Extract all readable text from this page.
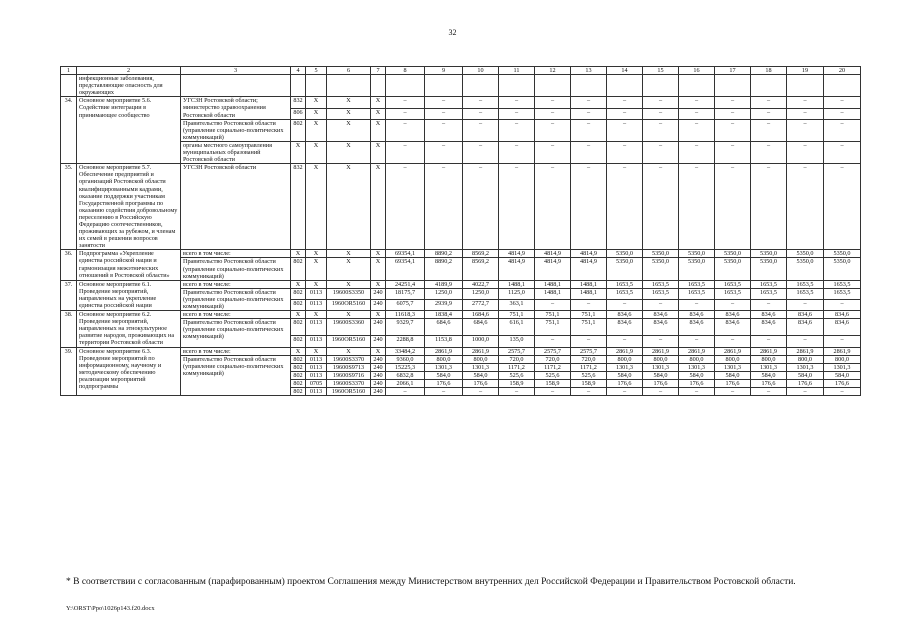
32
1	2	3	4	5	6	7	8	9	10	11	12	13	14	15	16	17	18	19	20
	инфекционные заболевания, представляющие опасность для окружающих																		
34.	Основное мероприятие 5.6. Содействие интеграции в принимающее сообщество	УГСЗН Ростовской области; министерство здравоохранения Ростовской области	832	Х	Х	Х	–	–	–	–	–	–	–	–	–	–	–	–	–
			806	Х	Х	Х	–	–	–	–	–	–	–	–	–	–	–	–	–
		Правительство Ростовской области (управление социально-политических коммуникаций)	802	Х	Х	Х	–	–	–	–	–	–	–	–	–	–	–	–	–
		органы местного самоуправления муниципальных образований Ростовской области	Х	Х	Х	Х	–	–	–	–	–	–	–	–	–	–	–	–	–
35.	Основное мероприятие 5.7. Обеспечение предприятий и организаций Ростовской области квалифицированными кадрами, оказание поддержки участникам Государственной программы по оказанию содействия добровольному переселению в Российскую Федерацию соотечественников, проживающих за рубежом, и членам их семей в решении вопросов занятости	УГСЗН Ростовской области	832	Х	Х	Х	–	–	–	–	–	–	–	–	–	–	–	–	–
36.	Подпрограмма «Укрепление единства российской нации и гармонизация межэтнических отношений в Ростовской области»	всего в том числе:	Х	Х	Х	Х	69354,1	8890,2	8569,2	4814,9	4814,9	4814,9	5350,0	5350,0	5350,0	5350,0	5350,0	5350,0	5350,0
		Правительство Ростовской области (управление социально-политических коммуникаций)	802	Х	Х	Х	69354,1	8890,2	8569,2	4814,9	4814,9	4814,9	5350,0	5350,0	5350,0	5350,0	5350,0	5350,0	5350,0
37.	Основное мероприятие 6.1. Проведение мероприятий, направленных на укрепление единства российской нации	всего в том числе:	Х	Х	Х	Х	24251,4	4189,9	4022,7	1488,1	1488,1	1488,1	1653,5	1653,5	1653,5	1653,5	1653,5	1653,5	1653,5
		Правительство Ростовской области (управление социально-политических коммуникаций)	802	0113	19600S3350	240	18175,7	1250,0	1250,0	1125,0	1488,1	1488,1	1653,5	1653,5	1653,5	1653,5	1653,5	1653,5	1653,5
			802	0113	1960OR5160	240	6075,7	2939,9	2772,7	363,1	–	–	–	–	–	–	–	–	–
38.	Основное мероприятие 6.2. Проведение мероприятий, направленных на этнокультурное развитие народов, проживающих на территории Ростовской области	всего в том числе:	Х	Х	Х	Х	11618,3	1838,4	1684,6	751,1	751,1	751,1	834,6	834,6	834,6	834,6	834,6	834,6	834,6
		Правительство Ростовской области (управление социально-политических коммуникаций)	802	0113	19600S3360	240	9329,7	684,6	684,6	616,1	751,1	751,1	834,6	834,6	834,6	834,6	834,6	834,6	834,6
			802	0113	1960OR5160	240	2288,8	1153,8	1000,0	135,0	–	–	–	–	–	–	–	–	–
39.	Основное мероприятие 6.3. Проведение мероприятий по информационному, научному и методическому обеспечению реализации мероприятий подпрограммы	всего в том числе:	Х	Х	Х	Х	33484,2	2861,9	2861,9	2575,7	2575,7	2575,7	2861,9	2861,9	2861,9	2861,9	2861,9	2861,9	2861,9
		Правительство Ростовской области (управление социально-политических коммуникаций)	802	0113	19600S3370	240	9360,0	800,0	800,0	720,0	720,0	720,0	800,0	800,0	800,0	800,0	800,0	800,0	800,0
			802	0113	19600S9713	240	15225,3	1301,3	1301,3	1171,2	1171,2	1171,2	1301,3	1301,3	1301,3	1301,3	1301,3	1301,3	1301,3
			802	0113	19600S9716	240	6832,8	584,0	584,0	525,6	525,6	525,6	584,0	584,0	584,0	584,0	584,0	584,0	584,0
			802	0705	19600S3370	240	2066,1	176,6	176,6	158,9	158,9	158,9	176,6	176,6	176,6	176,6	176,6	176,6	176,6
			802	0113	1960OR5160	240	–	–	–	–	–	–	–	–	–	–	–	–	–
* В соответствии с согласованным (парафированным) проектом Соглашения между Министерством внутренних дел Российской Федерации и Правительством Ростовской области.
Y:\ORST\Ppo\1026p143.f20.docx
